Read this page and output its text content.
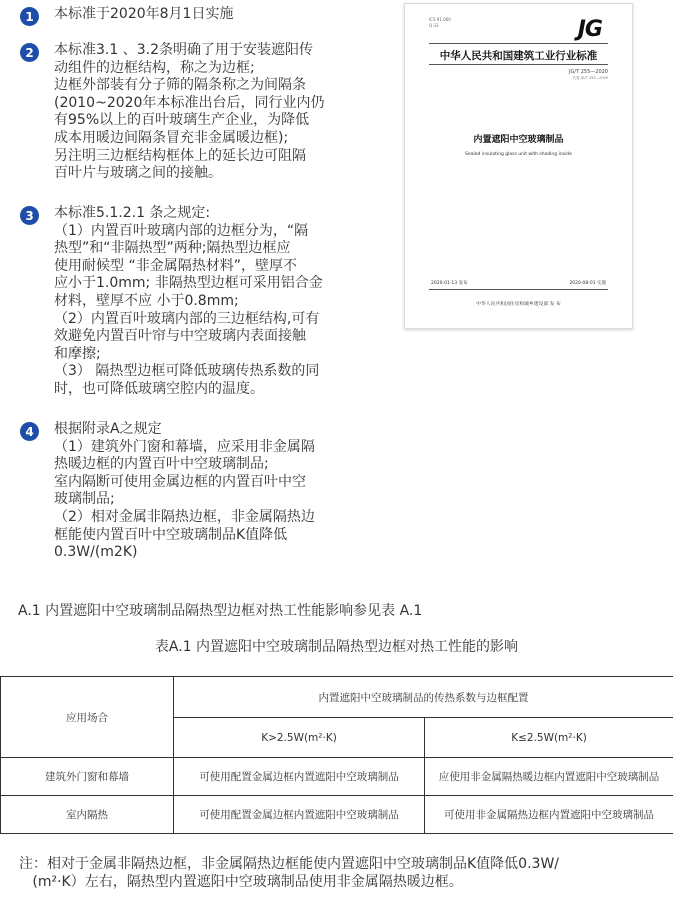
1	本标准于2020年8月1日实施
2	本标准3.1 、3.2条明确了用于安装遮阳传
动组件的边框结构，称之为边框;
边框外部装有分子筛的隔条称之为间隔条
(2010~2020年本标准出台后，同行业内仍
有95%以上的百叶玻璃生产企业，为降低
成本用暖边间隔条冒充非金属暖边框);
另注明三边框结构框体上的延长边可阻隔
百叶片与玻璃之间的接触。
3	本标准5.1.2.1 条之规定:
（1）内置百叶玻璃内部的边框分为，“隔
热型”和“非隔热型”两种;隔热型边框应
使用耐候型 “非金属隔热材料”，壁厚不
应小于1.0mm; 非隔热型边框可采用铝合金
材料，壁厚不应 小于0.8mm;
（2）内置百叶玻璃内部的三边框结构,可有
效避免内置百叶帘与中空玻璃内表面接触
和摩擦;
（3） 隔热型边框可降低玻璃传热系数的同
时，也可降低玻璃空腔内的温度。
4	根据附录A之规定
（1）建筑外门窗和幕墙，应采用非金属隔
热暖边框的内置百叶中空玻璃制品;
室内隔断可使用金属边框的内置百叶中空
玻璃制品;
（2）相对金属非隔热边框，非金属隔热边
框能使内置百叶中空玻璃制品K值降低
0.3W/(m2K)
ICS 91.060
Q 33	JG
中华人民共和国建筑工业行业标准
JG/T 255—2020
代替 JG/T 255—2009
内置遮阳中空玻璃制品
Sealed insulating glass unit with shading inside
2020-01-13 发布	2020-08-01 实施
中华人民共和国住房和城乡建设部 发 布
A.1 内置遮阳中空玻璃制品隔热型边框对热工性能影响参见表 A.1
表A.1 内置遮阳中空玻璃制品隔热型边框对热工性能的影响
应用场合	内置遮阳中空玻璃制品的传热系数与边框配置	
	K>2.5W(m²·K)	K≤2.5W(m²·K)
建筑外门窗和幕墙	可使用配置金属边框内置遮阳中空玻璃制品	应使用非金属隔热暖边框内置遮阳中空玻璃制品
室内隔热	可使用配置金属边框内置遮阳中空玻璃制品	可使用非金属隔热边框内置遮阳中空玻璃制品
注：相对于金属非隔热边框，非金属隔热边框能使内置遮阳中空玻璃制品K值降低0.3W/
(m²·K）左右，隔热型内置遮阳中空玻璃制品使用非金属隔热暖边框。
